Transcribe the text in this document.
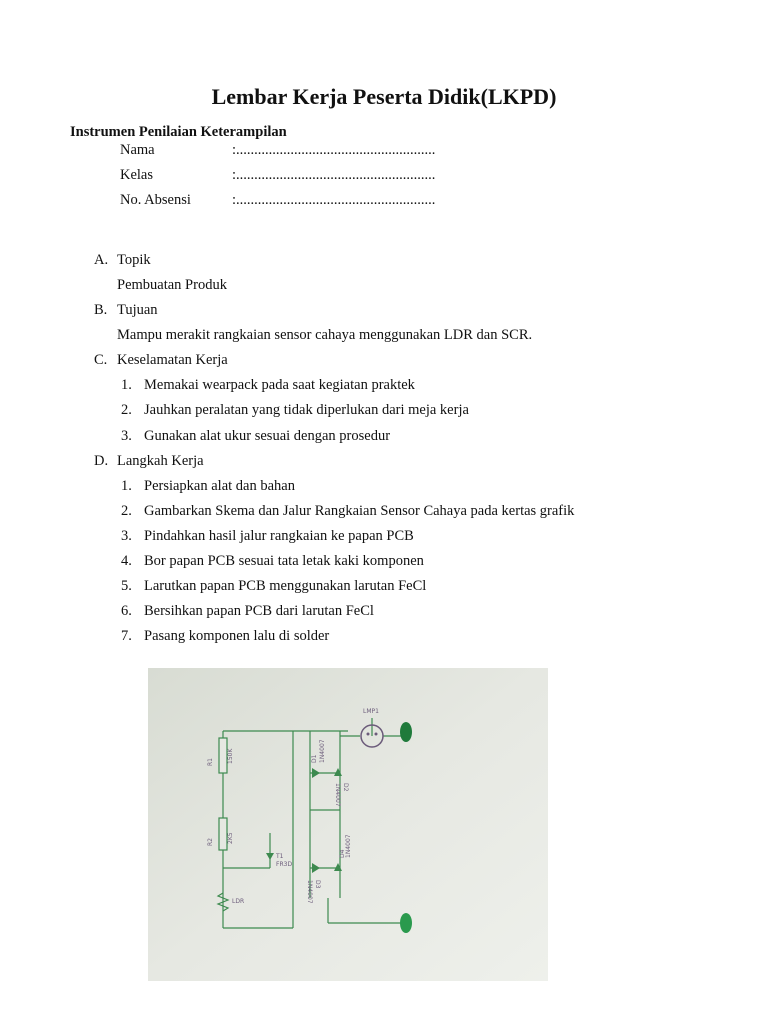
Lembar Kerja Peserta Didik(LKPD)
Instrumen Penilaian Keterampilan
Nama	:.......................................................
Kelas	:.......................................................
No. Absensi	:.......................................................
A. Topik
Pembuatan Produk
B. Tujuan
Mampu merakit rangkaian sensor cahaya menggunakan LDR dan SCR.
C. Keselamatan Kerja
1. Memakai wearpack pada saat kegiatan praktek
2. Jauhkan peralatan yang tidak diperlukan dari meja kerja
3. Gunakan alat ukur sesuai dengan prosedur
D. Langkah Kerja
1. Persiapkan alat dan bahan
2. Gambarkan Skema dan Jalur Rangkaian Sensor Cahaya pada kertas grafik
3. Pindahkan hasil jalur rangkaian ke papan PCB
4. Bor papan PCB sesuai tata letak kaki komponen
5. Larutkan papan PCB menggunakan larutan FeCl
6. Bersihkan papan PCB dari larutan FeCl
7. Pasang komponen lalu di solder
LMP1
R1 150K
R2 2K5
LDR
T1
FR3D
D1 1N4007
D2
1N4007
D3
1N4007
D4 1N4007
